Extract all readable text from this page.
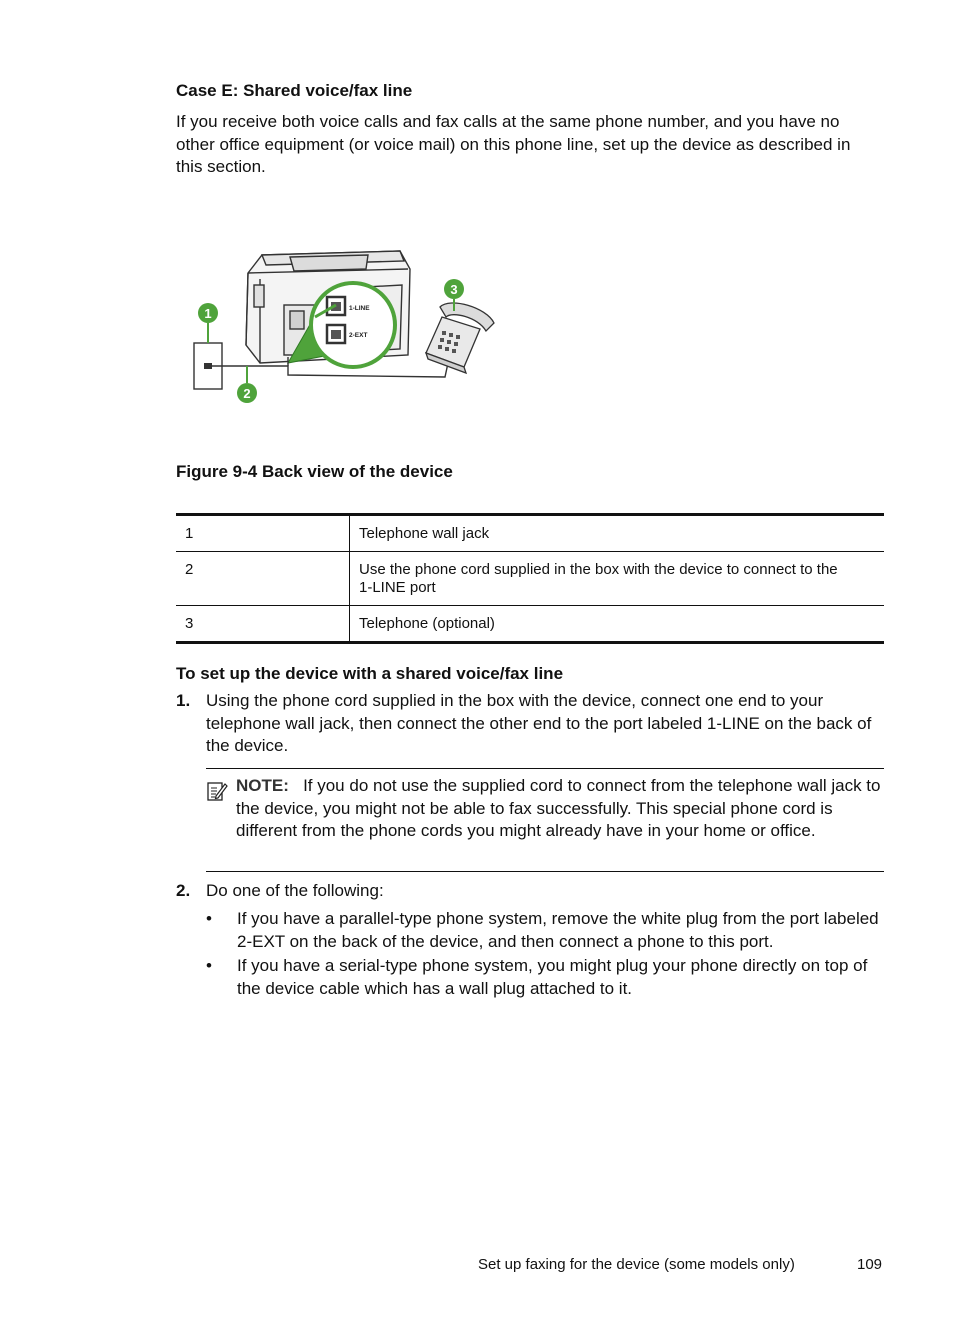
Case E: Shared voice/fax line
If you receive both voice calls and fax calls at the same phone number, and you have no other office equipment (or voice mail) on this phone line, set up the device as described in this section.
1-LINE
2-EXT
1
2
3
Figure 9-4 Back view of the device
1	Telephone wall jack
2	Use the phone cord supplied in the box with the device to connect to the 1-LINE port
3	Telephone (optional)
To set up the device with a shared voice/fax line
1. Using the phone cord supplied in the box with the device, connect one end to your telephone wall jack, then connect the other end to the port labeled 1-LINE on the back of the device.
NOTE: If you do not use the supplied cord to connect from the telephone wall jack to the device, you might not be able to fax successfully. This special phone cord is different from the phone cords you might already have in your home or office.
2. Do one of the following:
• If you have a parallel-type phone system, remove the white plug from the port labeled 2-EXT on the back of the device, and then connect a phone to this port.
• If you have a serial-type phone system, you might plug your phone directly on top of the device cable which has a wall plug attached to it.
Set up faxing for the device (some models only)	109
